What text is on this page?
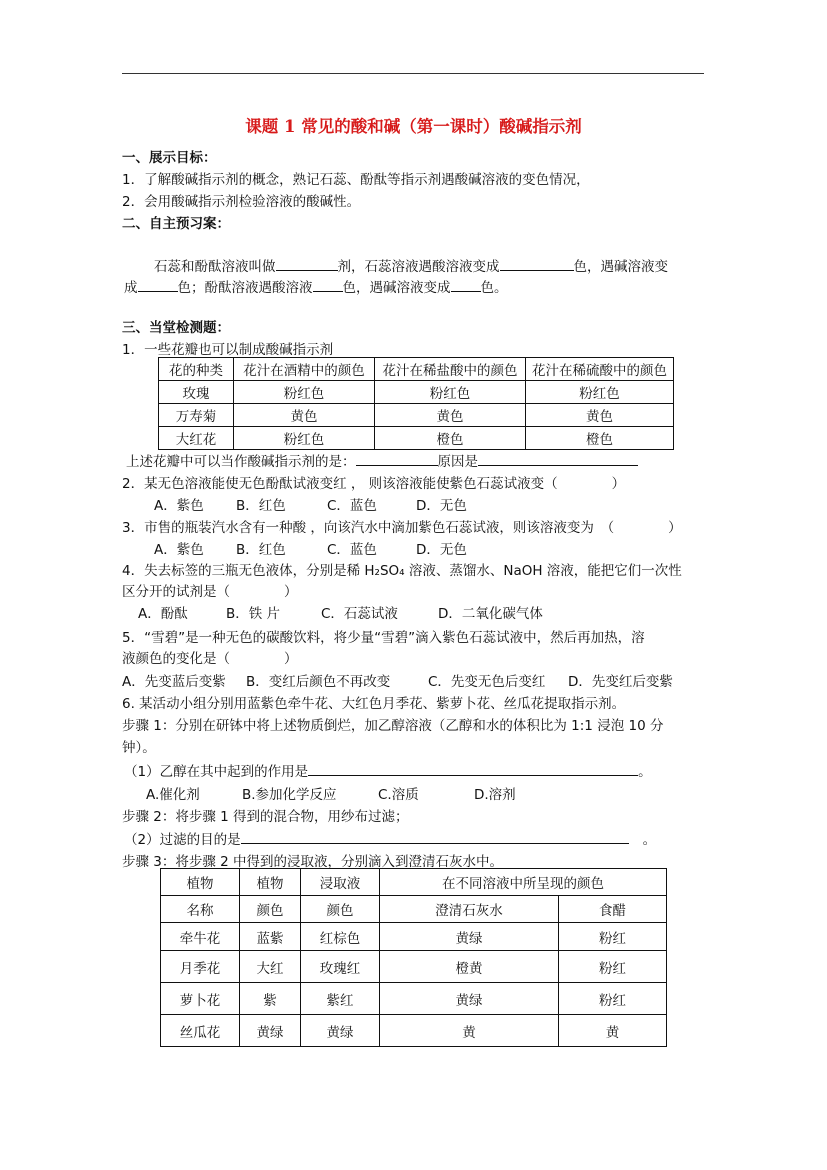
课题 1 常见的酸和碱（第一课时）酸碱指示剂
一、展示目标：
1．了解酸碱指示剂的概念，熟记石蕊、酚酞等指示剂遇酸碱溶液的变色情况，
2．会用酸碱指示剂检验溶液的酸碱性。
二、自主预习案：
石蕊和酚酞溶液叫做	剂，石蕊溶液遇酸溶液变成	色，遇碱溶液变
成	色；酚酞溶液遇酸溶液 色，遇碱溶液变成 色。
三、当堂检测题：
1．一些花瓣也可以制成酸碱指示剂
花的种类	花汁在酒精中的颜色	花汁在稀盐酸中的颜色	花汁在稀硫酸中的颜色
玫瑰	粉红色	粉红色	粉红色
万寿菊	黄色	黄色	黄色
大红花	粉红色	橙色	橙色
上述花瓣中可以当作酸碱指示剂的是：	原因是
2．某无色溶液能使无色酚酞试液变红 ， 则该溶液能使紫色石蕊试液变（　　　　）
A．紫色 B．红色	C．蓝色	D．无色
3．市售的瓶装汽水含有一种酸 ，向该汽水中滴加紫色石蕊试液，则该溶液变为　（　　　　）
A．紫色 B．红色	C．蓝色	D．无色
4．失去标签的三瓶无色液体，分别是稀 H₂SO₄ 溶液、蒸馏水、NaOH 溶液，能把它们一次性
区分开的试剂是（　　　　）
A．酚酞	B．铁 片	C．石蕊试液	D．二氧化碳气体
5．“雪碧”是一种无色的碳酸饮料，将少量“雪碧”滴入紫色石蕊试液中，然后再加热，溶
液颜色的变化是（　　　　）
A．先变蓝后变紫 B．变红后颜色不再改变	C．先变无色后变红 D．先变红后变紫
6. 某活动小组分别用蓝紫色牵牛花、大红色月季花、紫萝卜花、丝瓜花提取指示剂。
步骤 1：分别在研钵中将上述物质倒烂，加乙醇溶液（乙醇和水的体积比为 1:1 浸泡 10 分
钟）。
（1）乙醇在其中起到的作用是	。
A.催化剂	B.参加化学反应	C.溶质	D.溶剂
步骤 2：将步骤 1 得到的混合物，用纱布过滤；
（2）过滤的目的是	。
步骤 3：将步骤 2 中得到的浸取液，分别滴入到澄清石灰水中。
植物	植物	浸取液	在不同溶液中所呈现的颜色	
名称	颜色	颜色	澄清石灰水	食醋
牵牛花	蓝紫	红棕色	黄绿	粉红
月季花	大红	玫瑰红	橙黄	粉红
萝卜花	紫	紫红	黄绿	粉红
丝瓜花	黄绿	黄绿	黄	黄
